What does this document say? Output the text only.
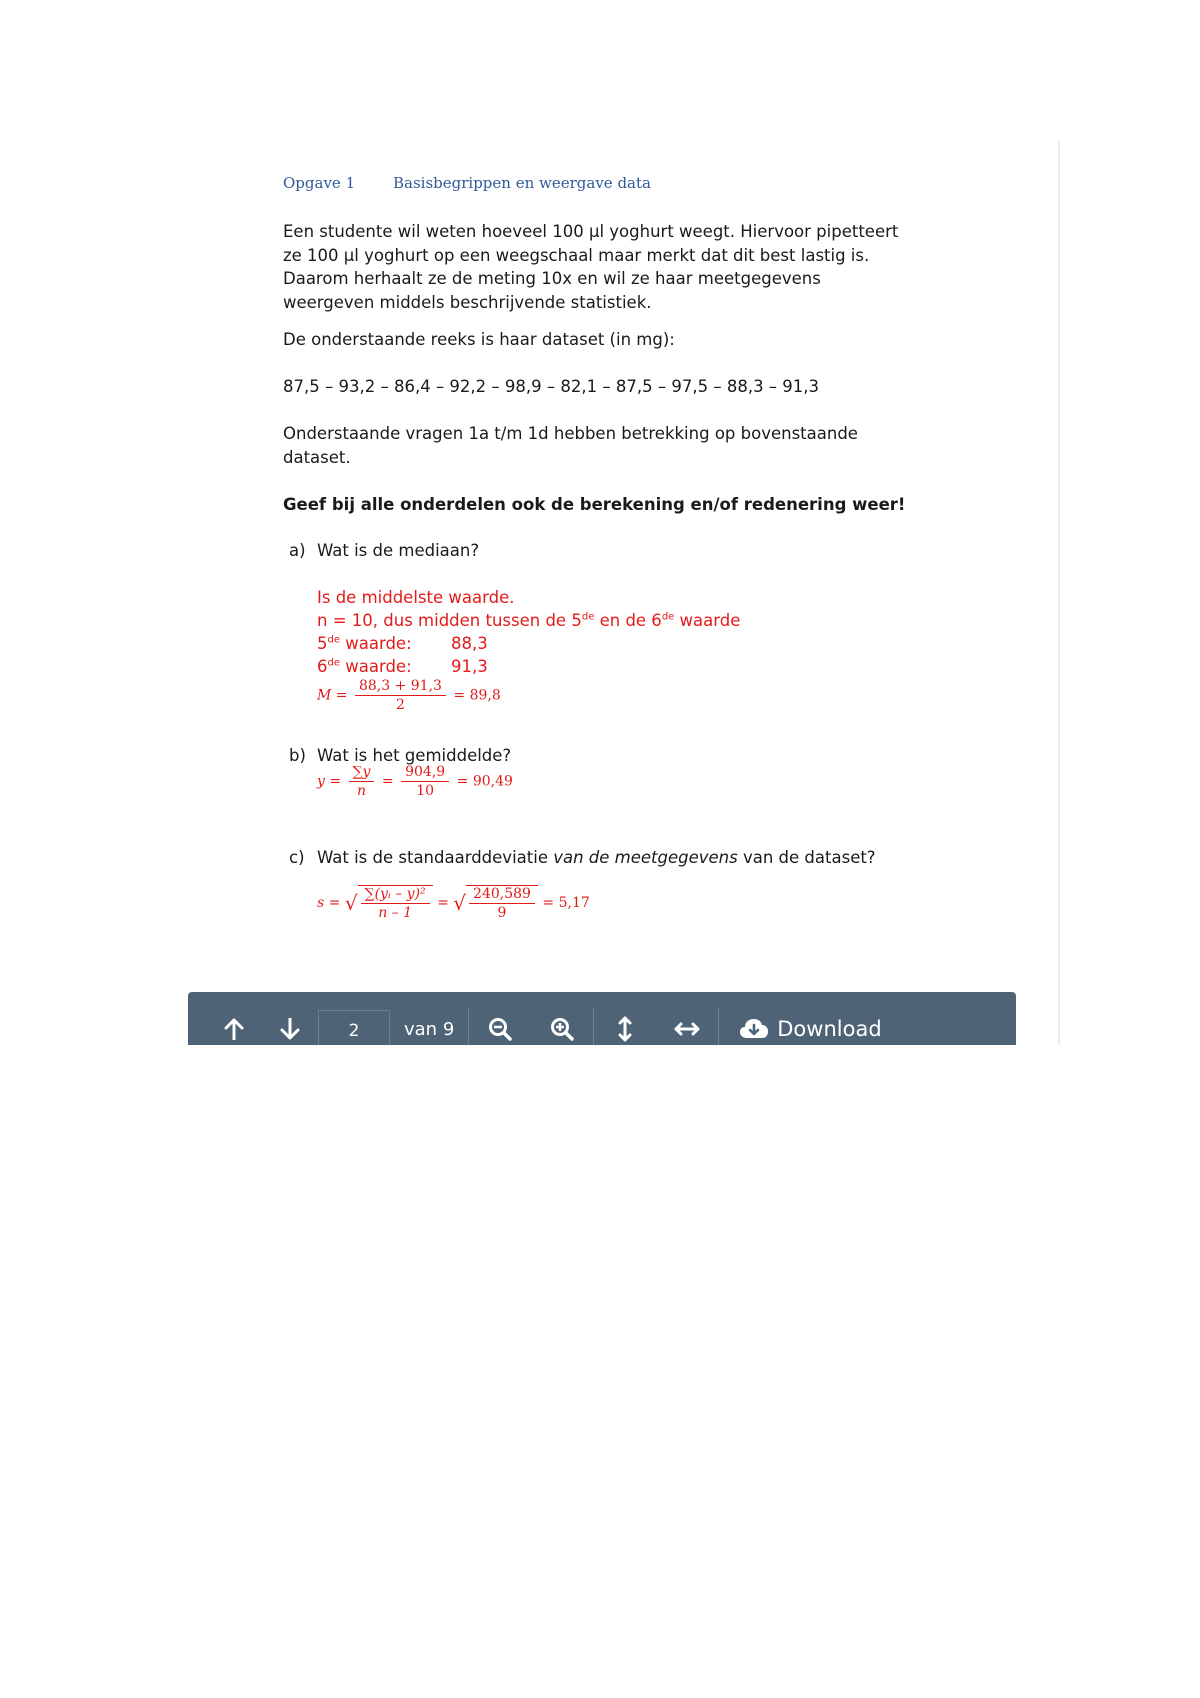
Opgave 1	Basisbegrippen en weergave data
Een studente wil weten hoeveel 100 µl yoghurt weegt. Hiervoor pipetteert
ze 100 µl yoghurt op een weegschaal maar merkt dat dit best lastig is.
Daarom herhaalt ze de meting 10x en wil ze haar meetgegevens
weergeven middels beschrijvende statistiek.
De onderstaande reeks is haar dataset (in mg):
87,5 – 93,2 – 86,4 – 92,2 – 98,9 – 82,1 – 87,5 – 97,5 – 88,3 – 91,3
Onderstaande vragen 1a t/m 1d hebben betrekking op bovenstaande
dataset.
Geef bij alle onderdelen ook de berekening en/of redenering weer!
a) Wat is de mediaan?
Is de middelste waarde.
n = 10, dus midden tussen de 5de en de 6de waarde
5de waarde: 88,3
6de waarde: 91,3
$M = \frac{88,3 + 91,3}{2} = 89,8$
b) Wat is het gemiddelde?
$y = \frac{\sum y}{n} = \frac{904,9}{10} = 90,49$
c) Wat is de standaarddeviatie van de meetgegevens van de dataset?
s = √ $\frac{\text{∑(yᵢ – y)²}}{n - 1}$ = √ $\frac{240,589}{9} = 5,17$
2
van 9	Download
